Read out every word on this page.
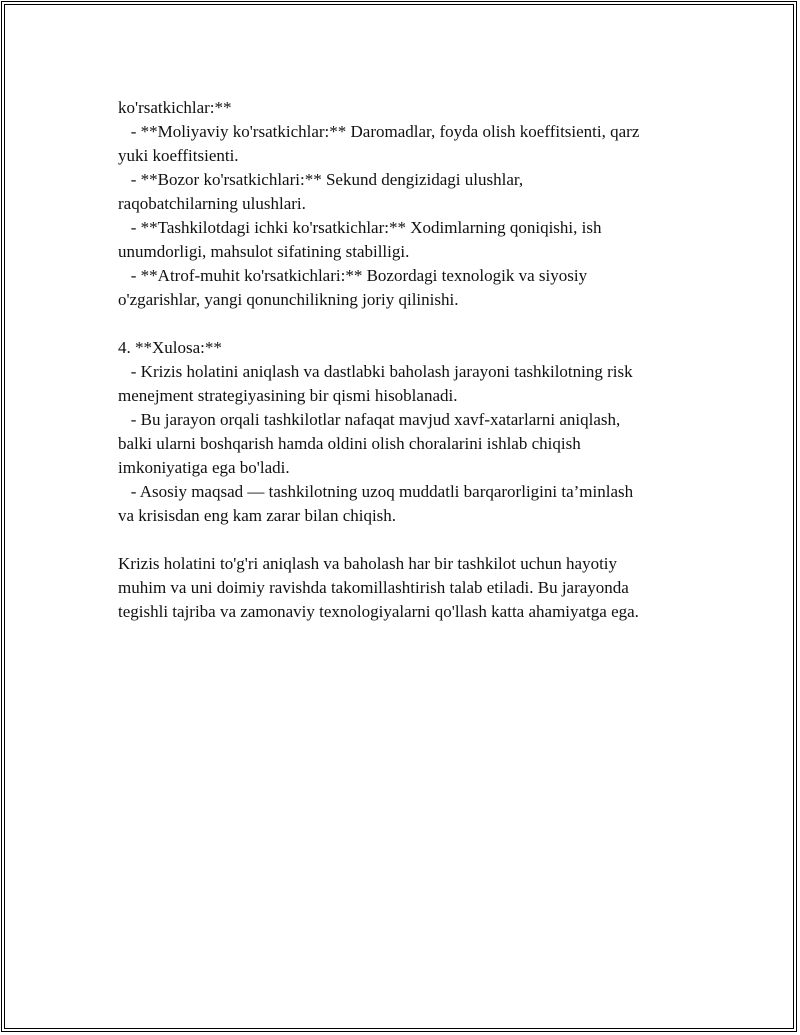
ko'rsatkichlar:**
- **Moliyaviy ko'rsatkichlar:** Daromadlar, foyda olish koeffitsienti, qarz
yuki koeffitsienti.
- **Bozor ko'rsatkichlari:** Sekund dengizidagi ulushlar,
raqobatchilarning ulushlari.
- **Tashkilotdagi ichki ko'rsatkichlar:** Xodimlarning qoniqishi, ish
unumdorligi, mahsulot sifatining stabilligi.
- **Atrof-muhit ko'rsatkichlari:** Bozordagi texnologik va siyosiy
o'zgarishlar, yangi qonunchilikning joriy qilinishi.
4. **Xulosa:**
- Krizis holatini aniqlash va dastlabki baholash jarayoni tashkilotning risk
menejment strategiyasining bir qismi hisoblanadi.
- Bu jarayon orqali tashkilotlar nafaqat mavjud xavf-xatarlarni aniqlash,
balki ularni boshqarish hamda oldini olish choralarini ishlab chiqish
imkoniyatiga ega bo'ladi.
- Asosiy maqsad — tashkilotning uzoq muddatli barqarorligini ta’minlash
va krisisdan eng kam zarar bilan chiqish.
Krizis holatini to'g'ri aniqlash va baholash har bir tashkilot uchun hayotiy
muhim va uni doimiy ravishda takomillashtirish talab etiladi. Bu jarayonda
tegishli tajriba va zamonaviy texnologiyalarni qo'llash katta ahamiyatga ega.
